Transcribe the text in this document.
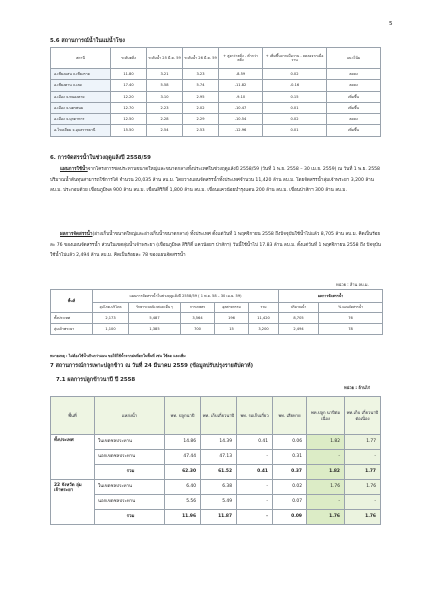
5
5.6 สถานการณ์น้ำในแม่น้ำโขง
สถานี	ระดับตลิ่ง	ระดับน้ำ 25 มี.ค. 59	ระดับน้ำ 26 มี.ค. 59	+ สูงกว่าตลิ่ง - ต่ำกว่าตลิ่ง	+ เพิ่มขึ้นจากเมื่อวาน - ลดลงจากเมื่อวาน	แนวโน้ม
อ.เชียงแสน จ.เชียงราย	11.80	3.21	3.23	-8.59	0.02	ลดลง
อ.เชียงคาน จ.เลย	17.40	5.58	5.74	-11.82	-0.16	ลดลง
อ.เมือง จ.หนองคาย	12.20	3.10	2.95	-9.10	0.15	เพิ่มขึ้น
อ.เมือง จ.นครพนม	12.70	2.23	2.02	-10.47	0.01	เพิ่มขึ้น
อ.เมือง จ.มุกดาหาร	12.50	2.28	2.29	-10.54	0.02	ลดลง
อ.โขงเจียม จ.อุบลราชธานี	15.50	2.54	2.53	-12.96	0.01	เพิ่มขึ้น
6. การจัดสรรน้ำในช่วงฤดูแล้งปี 2558/59
แผนการใช้น้ำจากโครงการชลประทานขนาดใหญ่และขนาดกลางทั้งประเทศในช่วงฤดูแล้งปี 2558/59 (วันที่ 1 พ.ย. 2558 – 30 เม.ย. 2559) ณ วันที่ 1 พ.ย. 2558 ปริมาณน้ำต้นทุนสามารถใช้การได้ จำนวน 20,035 ล้าน ลบ.ม. โดยวางแผนจัดสรรน้ำทั้งประเทศจำนวน 11,420 ล้าน ลบ.ม. โดยจัดสรรน้ำลุ่มเจ้าพระยา 3,200 ล้าน ลบ.ม. ประกอบด้วย เขื่อนภูมิพล 900 ล้าน ลบ.ม. เขื่อนสิริกิติ์ 1,800 ล้าน ลบ.ม. เขื่อนแควน้อยบำรุงแดน 200 ล้าน ลบ.ม. เขื่อนป่าสักฯ 300 ล้าน ลบ.ม.
ผลการจัดสรรน้ำ(อ่างเก็บน้ำขนาดใหญ่และอ่างเก็บน้ำขนาดกลาง) ทั้งประเทศ ตั้งแต่วันที่ 1 พฤศจิกายน 2558 ถึงปัจจุบันใช้น้ำไปแล้ว 8,705 ล้าน ลบ.ม. คิดเป็นร้อยละ 76 ของแผนจัดสรรน้ำ ส่วนในเขตลุ่มน้ำเจ้าพระยา (เขื่อนภูมิพล สิริกิติ์ แควน้อยฯ ป่าสักฯ) วันนี้ใช้น้ำไป 17.83 ล้าน ลบ.ม. ตั้งแต่วันที่ 1 พฤศจิกายน 2558 ถึง ปัจจุบัน ใช้น้ำไปแล้ว 2,494 ล้าน ลบ.ม. คิดเป็นร้อยละ 78 ของแผนจัดสรรน้ำ
หน่วย : ล้าน ลบ.ม.
พื้นที่	แผนการจัดสรรน้ำในช่วงฤดูแล้งปี 2558/59 ( 1 พ.ย. 58 – 30 เม.ย. 59)					ผลการจัดสรรน้ำ	
	อุปโภค-บริโภค	รักษาระบบนิเวศและอื่น ๆ	การเกษตร	อุตสาหกรรม	รวม	ปริมาณน้ำ	% แผนจัดสรรน้ำ
ทั้งประเทศ	2,173	5,487	3,564	196	11,420	8,705	76
ลุ่มเจ้าพระยา	1,100	1,385	700	15	3,200	2,494	78
หมายเหตุ : ไม่ต้องใช้น้ำเกินกว่าแผน ขอให้ใช้น้ำจากฝนที่ตกในพื้นที่ เช่น ใช้ลด และเพิ่ม
7 สถานการณ์การเพาะปลูกข้าว ณ วันที่ 24 มีนาคม 2559 (ข้อมูลปรับปรุงรายสัปดาห์)
7.1 ผลการปลูกข้าวนาปี ปี 2558
หน่วย : ล้านไร่
พื้นที่	แหล่งน้ำ	พท. ปลูกนาปี	พท. เก็บเกี่ยวนาปี	พท. รอเก็บเกี่ยว	พท. เสียหาย	พท.ปลูก นาปีต่อเนื่อง	พท.เก็บ เกี่ยวนาปี ต่อเนื่อง
ทั้งประเทศ	ในเขตชลประทาน	14.86	14.39	0.41	0.06	1.82	1.77
	นอกเขตชลประทาน	47.44	47.13	-	0.31	-	-
	รวม	62.30	61.52	0.41	0.37	1.82	1.77
22 จังหวัด ลุ่มเจ้าพระยา	ในเขตชลประทาน	6.40	6.38	-	0.02	1.76	1.76
	นอกเขตชลประทาน	5.56	5.49	-	0.07	-	-
	รวม	11.96	11.87	-	0.09	1.76	1.76
